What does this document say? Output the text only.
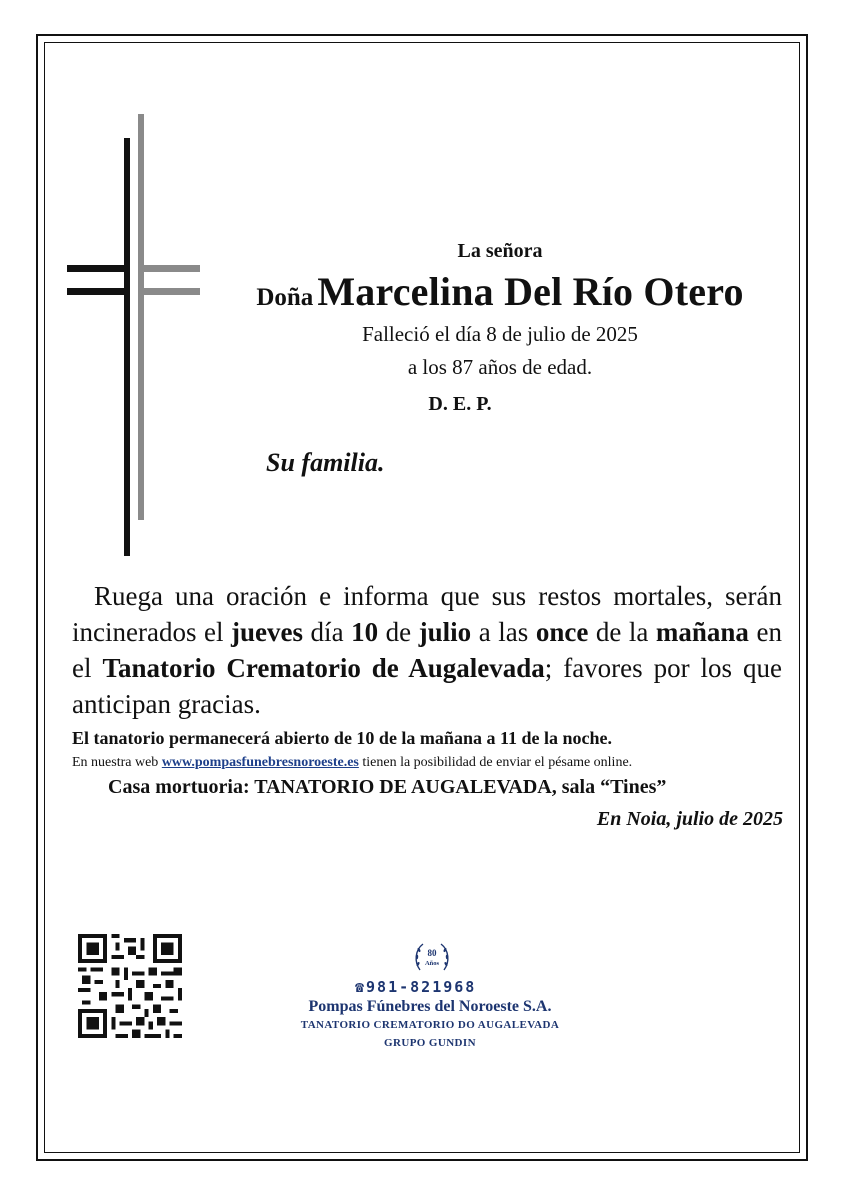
La señora
Doña Marcelina Del Río Otero
Falleció el día 8 de julio de 2025
a los 87 años de edad.
D. E. P.
Su familia.
Ruega una oración e informa que sus restos mortales, serán incinerados el jueves día 10 de julio a las once de la mañana en el Tanatorio Crematorio de Augalevada; favores por los que anticipan gracias.
El tanatorio permanecerá abierto de 10 de la mañana a 11 de la noche.
En nuestra web www.pompasfunebresnoroeste.es tienen la posibilidad de enviar el pésame online.
Casa mortuoria: TANATORIO DE AUGALEVADA, sala “Tines”
En Noia, julio de 2025
80
Años
☎981-821968
Pompas Fúnebres del Noroeste S.A.
TANATORIO CREMATORIO DO AUGALEVADA
GRUPO GUNDIN
